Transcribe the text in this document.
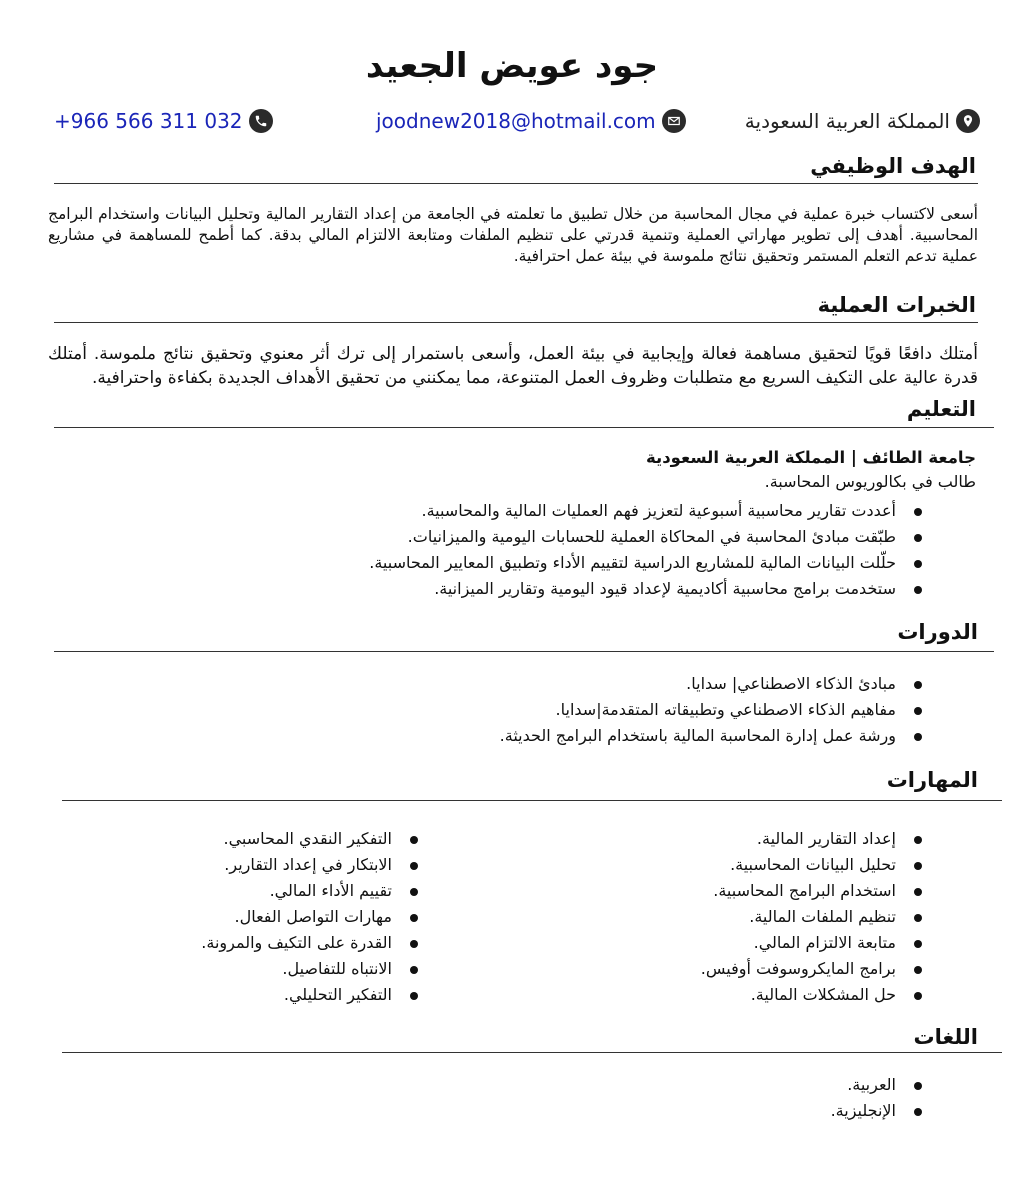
جود عويض الجعيد
المملكة العربية السعودية
joodnew2018@hotmail.com
+966 566 311 032
الهدف الوظيفي

أسعى لاكتساب خبرة عملية في مجال المحاسبة من خلال تطبيق ما تعلمته في الجامعة من إعداد التقارير المالية وتحليل البيانات واستخدام البرامج المحاسبية. أهدف إلى تطوير مهاراتي العملية وتنمية قدرتي على تنظيم الملفات ومتابعة الالتزام المالي بدقة. كما أطمح للمساهمة في مشاريع عملية تدعم التعلم المستمر وتحقيق نتائج ملموسة في بيئة عمل احترافية.

الخبرات العملية

أمتلك دافعًا قويًا لتحقيق مساهمة فعالة وإيجابية في بيئة العمل، وأسعى باستمرار إلى ترك أثر معنوي وتحقيق نتائج ملموسة. أمتلك قدرة عالية على التكيف السريع مع متطلبات وظروف العمل المتنوعة، مما يمكنني من تحقيق الأهداف الجديدة بكفاءة واحترافية.

التعليم

جامعة الطائف | المملكة العربية السعودية

طالب في بكالوريوس المحاسبة.

أعددت تقارير محاسبية أسبوعية لتعزيز فهم العمليات المالية والمحاسبية.
طبّقت مبادئ المحاسبة في المحاكاة العملية للحسابات اليومية والميزانيات.
حلّلت البيانات المالية للمشاريع الدراسية لتقييم الأداء وتطبيق المعايير المحاسبية.
ستخدمت برامج محاسبية أكاديمية لإعداد قيود اليومية وتقارير الميزانية.
الدورات
مبادئ الذكاء الاصطناعي| سدايا.
مفاهيم الذكاء الاصطناعي وتطبيقاته المتقدمة|سدايا.
ورشة عمل إدارة المحاسبة المالية باستخدام البرامج الحديثة.
المهارات
إعداد التقارير المالية.
تحليل البيانات المحاسبية.
استخدام البرامج المحاسبية.
تنظيم الملفات المالية.
متابعة الالتزام المالي.
برامج المايكروسوفت أوفيس.
حل المشكلات المالية.
التفكير النقدي المحاسبي.
الابتكار في إعداد التقارير.
تقييم الأداء المالي.
مهارات التواصل الفعال.
القدرة على التكيف والمرونة.
الانتباه للتفاصيل.
التفكير التحليلي.
اللغات
العربية.
الإنجليزية.
